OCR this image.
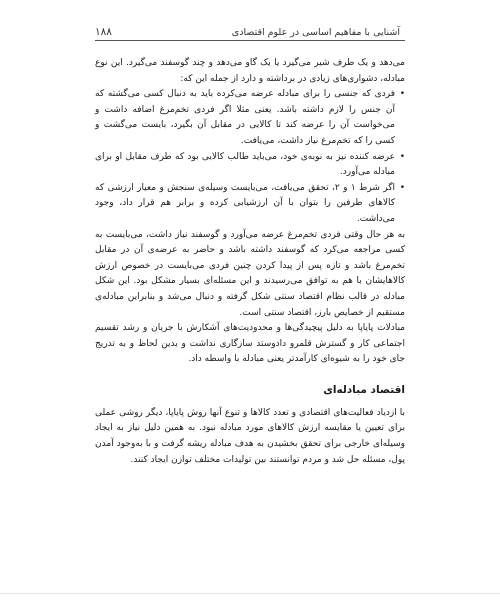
آشنایی با مفاهیم اساسی در علوم اقتصادی
۱۸۸

می‌دهد و یک طرف شیر می‌گیرد یا یک گاو می‌دهد و چند گوسفند می‌گیرد. این نوع مبادله، دشواری‌های زیادی در برداشته و دارد از جمله این که:

• فردی که جنسی را برای مبادله عرضه می‌کرده باید به دنبال کسی می‌گشته که آن جنس را لازم داشته باشد. یعنی مثلا اگر فردی تخم‌مرغ اضافه داشت و می‌خواست آن را عرضه کند تا کالایی در مقابل آن بگیرد، بایست می‌گشت و کسی را که تخم‌مرغ نیاز داشت، می‌یافت.

• عرضه کننده نیز به نوبه‌ی خود، می‌باید طالب کالایی بود که طرف مقابل او برای مبادله می‌آورد.

• اگر شرط ۱ و ۲، تحقق می‌یافت، می‌بایست وسیله‌ی سنجش و معیار ارزشی که کالاهای طرفین را بتوان با آن ارزشیابی کرده و برابر هم قرار داد، وجود می‌داشت.

به هر حال وقتی فردی تخم‌مرغ عرضه می‌آورد و گوسفند نیاز داشت، می‌بایست به کسی مراجعه می‌کرد که گوسفند داشته باشد و حاضر به عرضه‌ی آن در مقابل تخم‌مرغ باشد و تازه پس از پیدا کردن چنین فردی می‌بایست در خصوص ارزش کالاهایشان با هم به توافق می‌رسیدند و این مسئله‌ای بسیار مشکل بود. این شکل مبادله در قالب نظام اقتصاد سنتی شکل گرفته و دنبال می‌شد و بنابراین مبادله‌ی مستقیم از خصایص بارز، اقتصاد سنتی است.

مبادلات پایاپا به دلیل پیچیدگی‌ها و محدودیت‌های آشکارش با جریان و رشد تقسیم اجتماعی کار و گسترش قلمرو دادوستد سازگاری نداشت و بدین لحاظ و به تدریج جای خود را به شیوه‌ای کارآمدتر یعنی مبادله با واسطه داد.

اقتصاد مبادله‌ای

با ازدیاد فعالیت‌های اقتصادی و تعدد کالاها و تنوع آنها روش پایاپا، دیگر روشی عملی برای تعیین یا مقایسه ارزش کالاهای مورد مبادله نبود. به همین دلیل نیاز به ایجاد وسیله‌ای خارجی برای تحقق بخشیدن به هدف مبادله ریشه گرفت و با به‌وجود آمدن پول، مسئله حل شد و مردم توانستند بین تولیدات مختلف توازن ایجاد کنند.
